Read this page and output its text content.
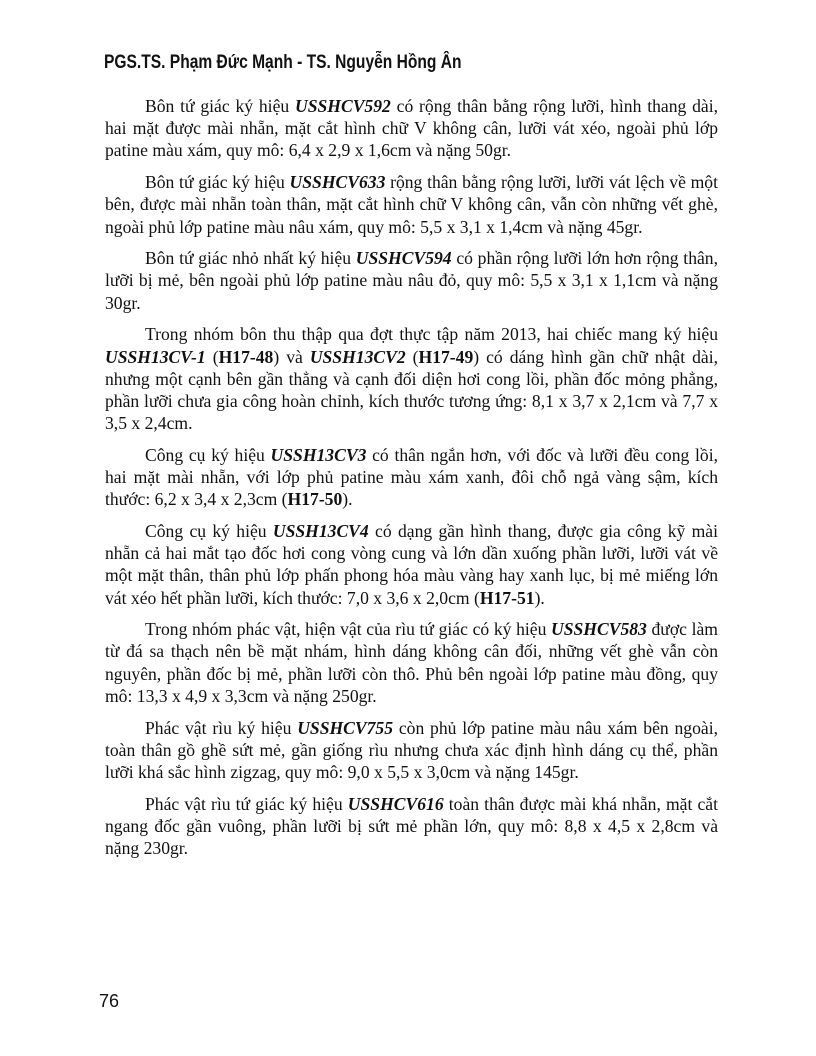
PGS.TS. Phạm Đức Mạnh - TS. Nguyễn Hồng Ân

Bôn tứ giác ký hiệu USSHCV592 có rộng thân bằng rộng lưỡi, hình thang dài, hai mặt được mài nhẵn, mặt cắt hình chữ V không cân, lưỡi vát xéo, ngoài phủ lớp patine màu xám, quy mô: 6,4 x 2,9 x 1,6cm và nặng 50gr.

Bôn tứ giác ký hiệu USSHCV633 rộng thân bằng rộng lưỡi, lưỡi vát lệch về một bên, được mài nhẵn toàn thân, mặt cắt hình chữ V không cân, vẫn còn những vết ghè, ngoài phủ lớp patine màu nâu xám, quy mô: 5,5 x 3,1 x 1,4cm và nặng 45gr.

Bôn tứ giác nhỏ nhất ký hiệu USSHCV594 có phần rộng lưỡi lớn hơn rộng thân, lưỡi bị mẻ, bên ngoài phủ lớp patine màu nâu đỏ, quy mô: 5,5 x 3,1 x 1,1cm và nặng 30gr.

Trong nhóm bôn thu thập qua đợt thực tập năm 2013, hai chiếc mang ký hiệu USSH13CV-1 (H17-48) và USSH13CV2 (H17-49) có dáng hình gần chữ nhật dài, nhưng một cạnh bên gần thẳng và cạnh đối diện hơi cong lồi, phần đốc mỏng phẳng, phần lưỡi chưa gia công hoàn chỉnh, kích thước tương ứng: 8,1 x 3,7 x 2,1cm và 7,7 x 3,5 x 2,4cm.

Công cụ ký hiệu USSH13CV3 có thân ngắn hơn, với đốc và lưỡi đều cong lồi, hai mặt mài nhẵn, với lớp phủ patine màu xám xanh, đôi chỗ ngả vàng sậm, kích thước: 6,2 x 3,4 x 2,3cm (H17-50).

Công cụ ký hiệu USSH13CV4 có dạng gần hình thang, được gia công kỹ mài nhẵn cả hai mắt tạo đốc hơi cong vòng cung và lớn dần xuống phần lưỡi, lưỡi vát về một mặt thân, thân phủ lớp phấn phong hóa màu vàng hay xanh lục, bị mẻ miếng lớn vát xéo hết phần lưỡi, kích thước: 7,0 x 3,6 x 2,0cm (H17-51).

Trong nhóm phác vật, hiện vật của rìu tứ giác có ký hiệu USSHCV583 được làm từ đá sa thạch nên bề mặt nhám, hình dáng không cân đối, những vết ghè vẫn còn nguyên, phần đốc bị mẻ, phần lưỡi còn thô. Phủ bên ngoài lớp patine màu đồng, quy mô: 13,3 x 4,9 x 3,3cm và nặng 250gr.

Phác vật rìu ký hiệu USSHCV755 còn phủ lớp patine màu nâu xám bên ngoài, toàn thân gồ ghề sứt mẻ, gần giống rìu nhưng chưa xác định hình dáng cụ thể, phần lưỡi khá sắc hình zigzag, quy mô: 9,0 x 5,5 x 3,0cm và nặng 145gr.

Phác vật rìu tứ giác ký hiệu USSHCV616 toàn thân được mài khá nhẵn, mặt cắt ngang đốc gần vuông, phần lưỡi bị sứt mẻ phần lớn, quy mô: 8,8 x 4,5 x 2,8cm và nặng 230gr.

76
